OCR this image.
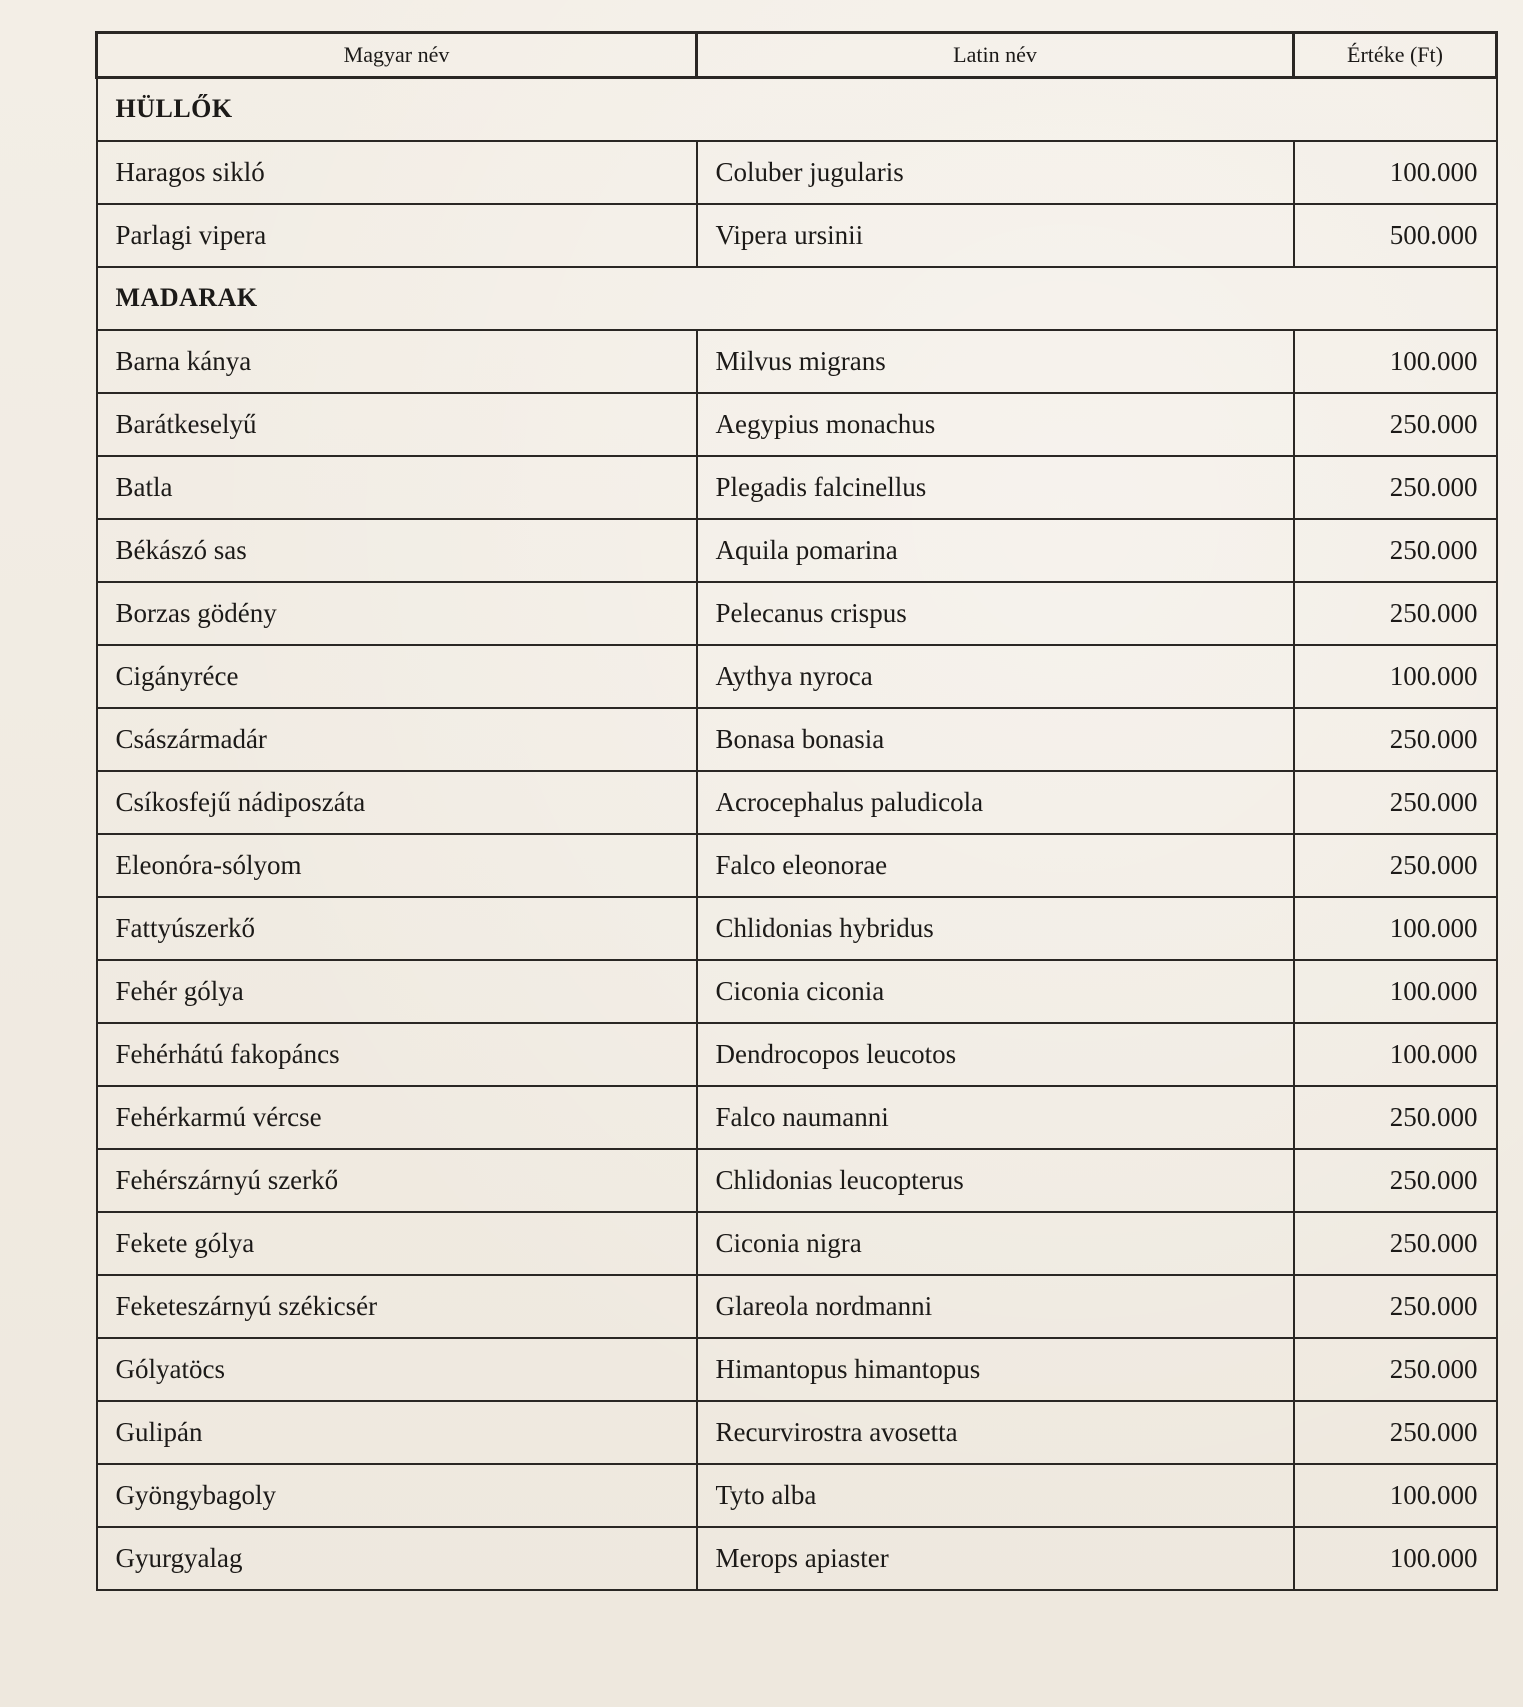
Magyar név	Latin név	Értéke (Ft)
HÜLLŐK		
Haragos sikló	Coluber jugularis	100.000
Parlagi vipera	Vipera ursinii	500.000
MADARAK		
Barna kánya	Milvus migrans	100.000
Barátkeselyű	Aegypius monachus	250.000
Batla	Plegadis falcinellus	250.000
Békászó sas	Aquila pomarina	250.000
Borzas gödény	Pelecanus crispus	250.000
Cigányréce	Aythya nyroca	100.000
Császármadár	Bonasa bonasia	250.000
Csíkosfejű nádiposzáta	Acrocephalus paludicola	250.000
Eleonóra-sólyom	Falco eleonorae	250.000
Fattyúszerkő	Chlidonias hybridus	100.000
Fehér gólya	Ciconia ciconia	100.000
Fehérhátú fakopáncs	Dendrocopos leucotos	100.000
Fehérkarmú vércse	Falco naumanni	250.000
Fehérszárnyú szerkő	Chlidonias leucopterus	250.000
Fekete gólya	Ciconia nigra	250.000
Feketeszárnyú székicsér	Glareola nordmanni	250.000
Gólyatöcs	Himantopus himantopus	250.000
Gulipán	Recurvirostra avosetta	250.000
Gyöngybagoly	Tyto alba	100.000
Gyurgyalag	Merops apiaster	100.000
